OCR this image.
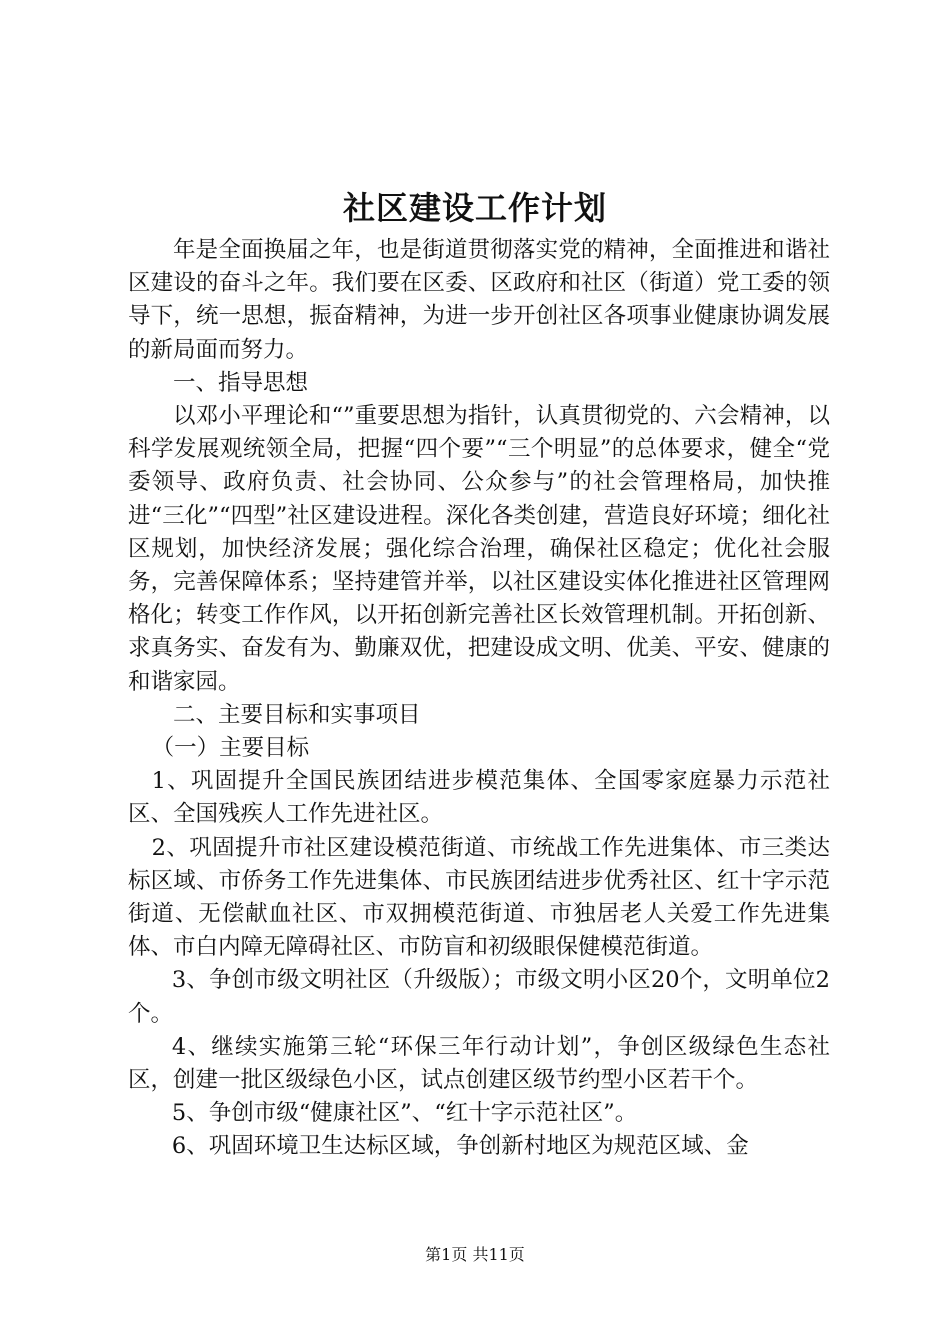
社区建设工作计划

年是全面换届之年，也是街道贯彻落实党的精神，全面推进和谐社区建设的奋斗之年。我们要在区委、区政府和社区（街道）党工委的领导下，统一思想，振奋精神，为进一步开创社区各项事业健康协调发展的新局面而努力。

一、指导思想

以邓小平理论和“”重要思想为指针，认真贯彻党的、六会精神，以科学发展观统领全局，把握“四个要”“三个明显”的总体要求，健全“党委领导、政府负责、社会协同、公众参与”的社会管理格局，加快推进“三化”“四型”社区建设进程。深化各类创建，营造良好环境；细化社区规划，加快经济发展；强化综合治理，确保社区稳定；优化社会服务，完善保障体系；坚持建管并举，以社区建设实体化推进社区管理网格化；转变工作作风，以开拓创新完善社区长效管理机制。开拓创新、求真务实、奋发有为、勤廉双优，把建设成文明、优美、平安、健康的和谐家园。

二、主要目标和实事项目

（一）主要目标

1、巩固提升全国民族团结进步模范集体、全国零家庭暴力示范社区、全国残疾人工作先进社区。

2、巩固提升市社区建设模范街道、市统战工作先进集体、市三类达标区域、市侨务工作先进集体、市民族团结进步优秀社区、红十字示范街道、无偿献血社区、市双拥模范街道、市独居老人关爱工作先进集体、市白内障无障碍社区、市防盲和初级眼保健模范街道。

3、争创市级文明社区（升级版）；市级文明小区20个，文明单位2个。

4、继续实施第三轮“环保三年行动计划”，争创区级绿色生态社区，创建一批区级绿色小区，试点创建区级节约型小区若干个。

5、争创市级“健康社区”、“红十字示范社区”。

6、巩固环境卫生达标区域，争创新村地区为规范区域、金

第1页 共11页
